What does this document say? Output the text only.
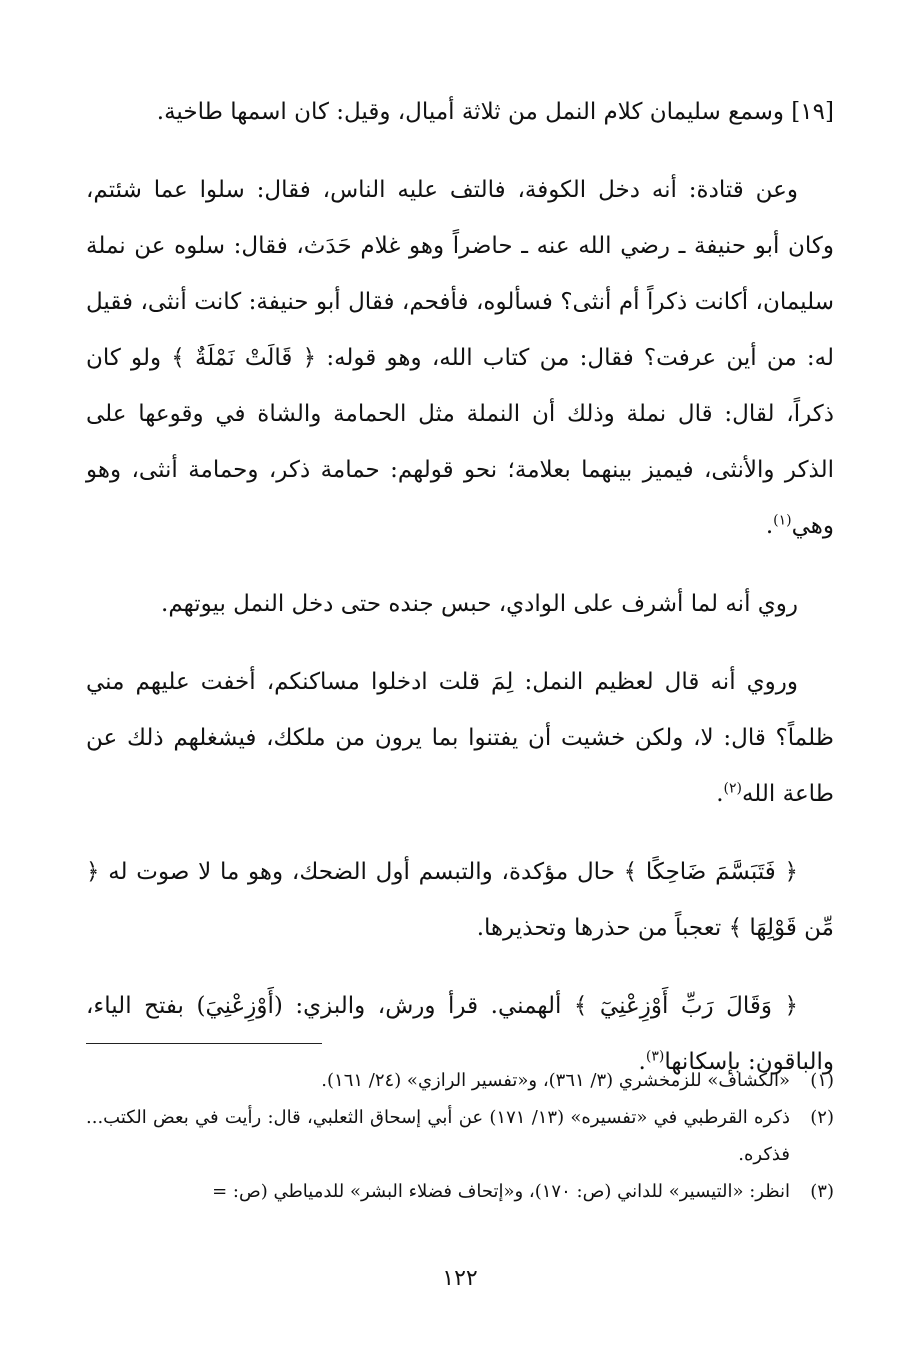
[١٩] وسمع سليمان كلام النمل من ثلاثة أميال، وقيل: كان اسمها طاخية.

وعن قتادة: أنه دخل الكوفة، فالتف عليه الناس، فقال: سلوا عما شئتم، وكان أبو حنيفة ـ رضي الله عنه ـ حاضراً وهو غلام حَدَث، فقال: سلوه عن نملة سليمان، أكانت ذكراً أم أنثى؟ فسألوه، فأفحم، فقال أبو حنيفة: كانت أنثى، فقيل له: من أين عرفت؟ فقال: من كتاب الله، وهو قوله: ﴿ قَالَتْ نَمْلَةٌ ﴾ ولو كان ذكراً، لقال: قال نملة وذلك أن النملة مثل الحمامة والشاة في وقوعها على الذكر والأنثى، فيميز بينهما بعلامة؛ نحو قولهم: حمامة ذكر، وحمامة أنثى، وهو وهي$^{(١)}$.

روي أنه لما أشرف على الوادي، حبس جنده حتى دخل النمل بيوتهم.

وروي أنه قال لعظيم النمل: لِمَ قلت ادخلوا مساكنكم، أخفت عليهم مني ظلماً؟ قال: لا، ولكن خشيت أن يفتنوا بما يرون من ملكك، فيشغلهم ذلك عن طاعة الله$^{(٢)}$.

﴿ فَتَبَسَّمَ ضَاحِكًا ﴾ حال مؤكدة، والتبسم أول الضحك، وهو ما لا صوت له ﴿ مِّن قَوْلِهَا ﴾ تعجباً من حذرها وتحذيرها.

﴿ وَقَالَ رَبِّ أَوْزِعْنِيٓ ﴾ ألهمني. قرأ ورش، والبزي: (أَوْزِعْنِيَ) بفتح الياء، والباقون: بإسكانها$^{(٣)}$.

(١)
«الكشاف» للزمخشري (٣/ ٣٦١)، و«تفسير الرازي» (٢٤/ ١٦١).
(٢)
ذكره القرطبي في «تفسيره» (١٣/ ١٧١) عن أبي إسحاق الثعلبي، قال: رأيت في بعض الكتب... فذكره.
(٣)
انظر: «التيسير» للداني (ص: ١٧٠)، و«إتحاف فضلاء البشر» للدمياطي (ص: =
١٢٢
